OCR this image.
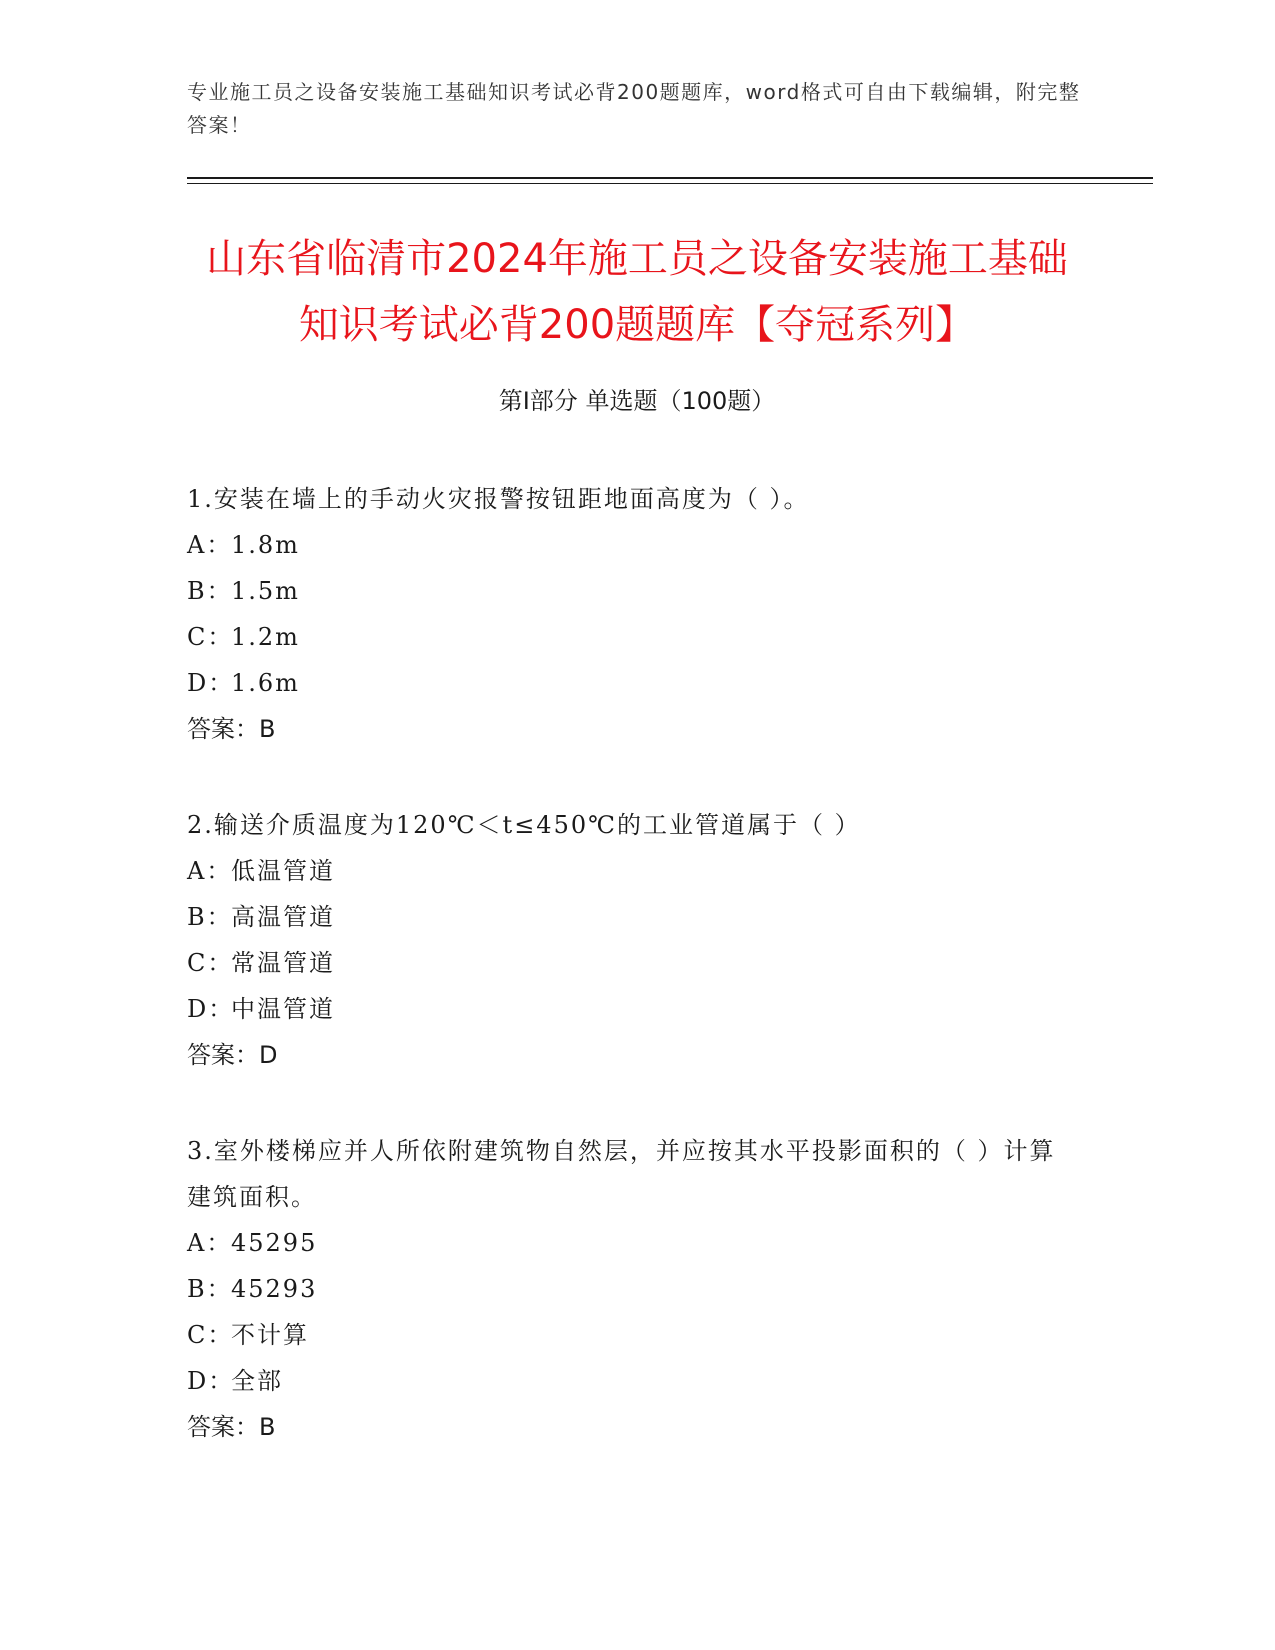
专业施工员之设备安装施工基础知识考试必背200题题库，word格式可自由下载编辑，附完整答案！
山东省临清市2024年施工员之设备安装施工基础知识考试必背200题题库【夺冠系列】
第I部分 单选题（100题）
1.安装在墙上的手动火灾报警按钮距地面高度为（ ）。
A：
1.8m
B：
1.5m
C：
1.2m
D：
1.6m
答案：B
2.输送介质温度为120℃＜t≤450℃的工业管道属于（ ）
A：
低温管道
B：
高温管道
C：
常温管道
D：
中温管道
答案：D
3.室外楼梯应并人所依附建筑物自然层，并应按其水平投影面积的（ ）计算建筑面积。
A：
45295
B：
45293
C：
不计算
D：
全部
答案：B
